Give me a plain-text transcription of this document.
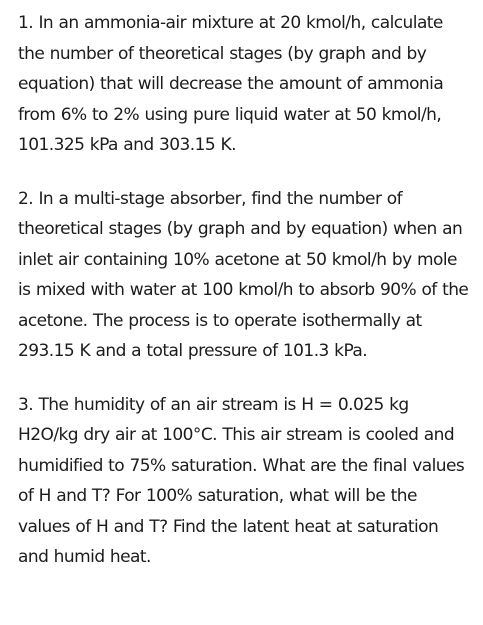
1. In an ammonia-air mixture at 20 kmol/h, calculate the number of theoretical stages (by graph and by equation) that will decrease the amount of ammonia from 6% to 2% using pure liquid water at 50 kmol/h, 101.325 kPa and 303.15 K.

2. In a multi-stage absorber, find the number of theoretical stages (by graph and by equation) when an inlet air containing 10% acetone at 50 kmol/h by mole is mixed with water at 100 kmol/h to absorb 90% of the acetone. The process is to operate isothermally at 293.15 K and a total pressure of 101.3 kPa.

3. The humidity of an air stream is H = 0.025 kg H2O/kg dry air at 100°C. This air stream is cooled and humidified to 75% saturation. What are the final values of H and T? For 100% saturation, what will be the values of H and T? Find the latent heat at saturation and humid heat.
